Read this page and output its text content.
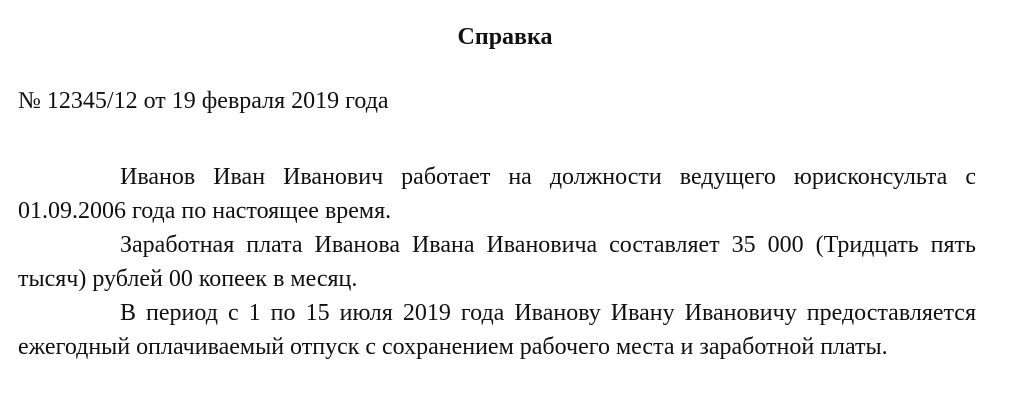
Справка
№ 12345/12 от 19 февраля 2019 года

Иванов Иван Иванович работает на должности ведущего юрисконсульта с 01.09.2006 года по настоящее время.

Заработная плата Иванова Ивана Ивановича составляет 35 000 (Тридцать пять тысяч) рублей 00 копеек в месяц.

В период с 1 по 15 июля 2019 года Иванову Ивану Ивановичу предоставляется ежегодный оплачиваемый отпуск с сохранением рабочего места и заработной платы.
